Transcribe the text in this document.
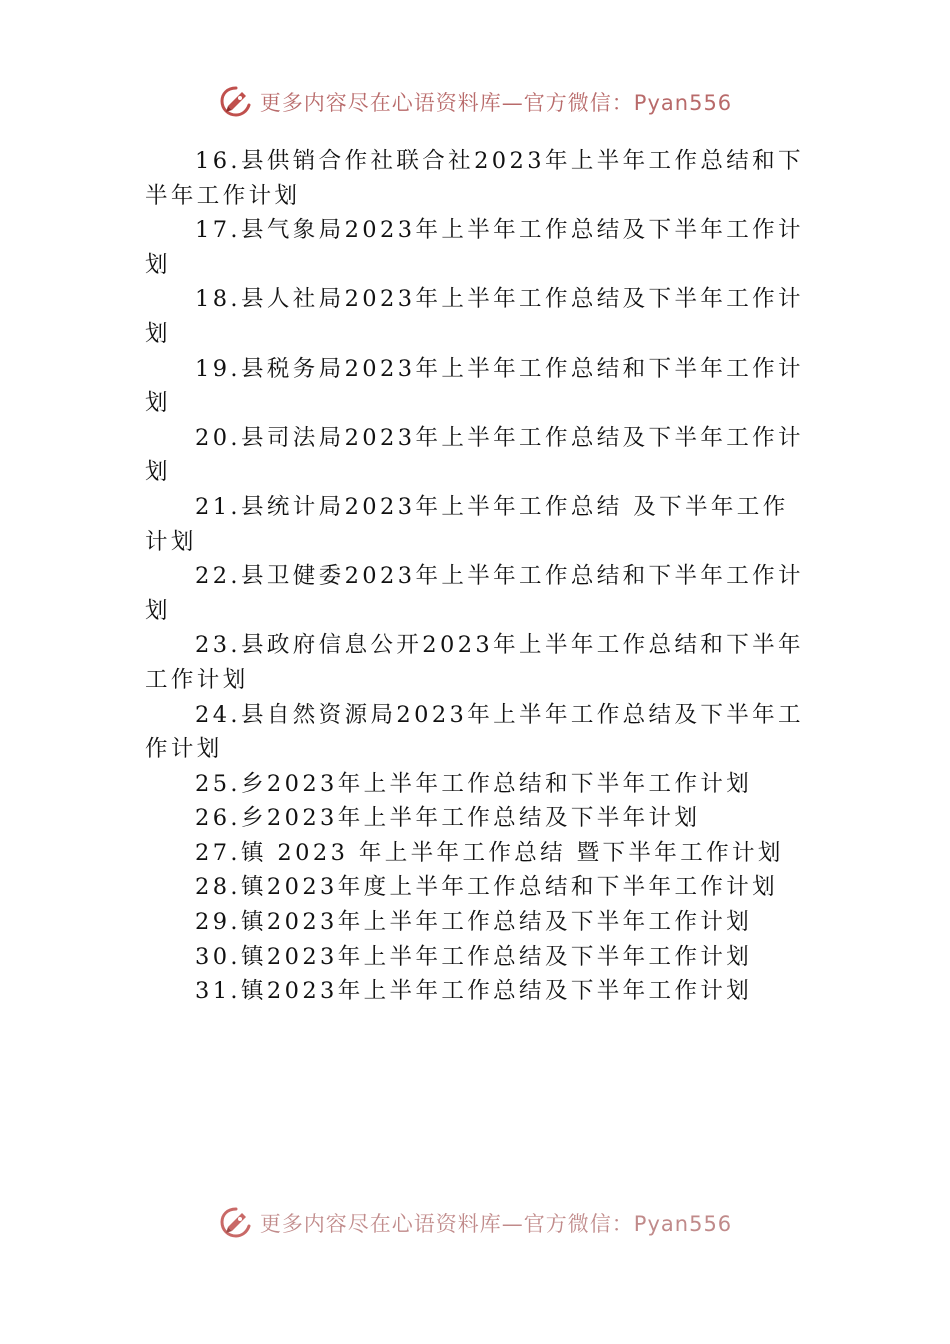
更多内容尽在心语资料库—官方微信：Pyan556

16.县供销合作社联合社2023年上半年工作总结和下半年工作计划

17.县气象局2023年上半年工作总结及下半年工作计划

18.县人社局2023年上半年工作总结及下半年工作计划

19.县税务局2023年上半年工作总结和下半年工作计划

20.县司法局2023年上半年工作总结及下半年工作计划

21.县统计局2023年上半年工作总结 及下半年工作计划

22.县卫健委2023年上半年工作总结和下半年工作计划

23.县政府信息公开2023年上半年工作总结和下半年工作计划

24.县自然资源局2023年上半年工作总结及下半年工作计划

25.乡2023年上半年工作总结和下半年工作计划

26.乡2023年上半年工作总结及下半年计划

27.镇 2023 年上半年工作总结 暨下半年工作计划

28.镇2023年度上半年工作总结和下半年工作计划

29.镇2023年上半年工作总结及下半年工作计划

30.镇2023年上半年工作总结及下半年工作计划

31.镇2023年上半年工作总结及下半年工作计划

更多内容尽在心语资料库—官方微信：Pyan556
